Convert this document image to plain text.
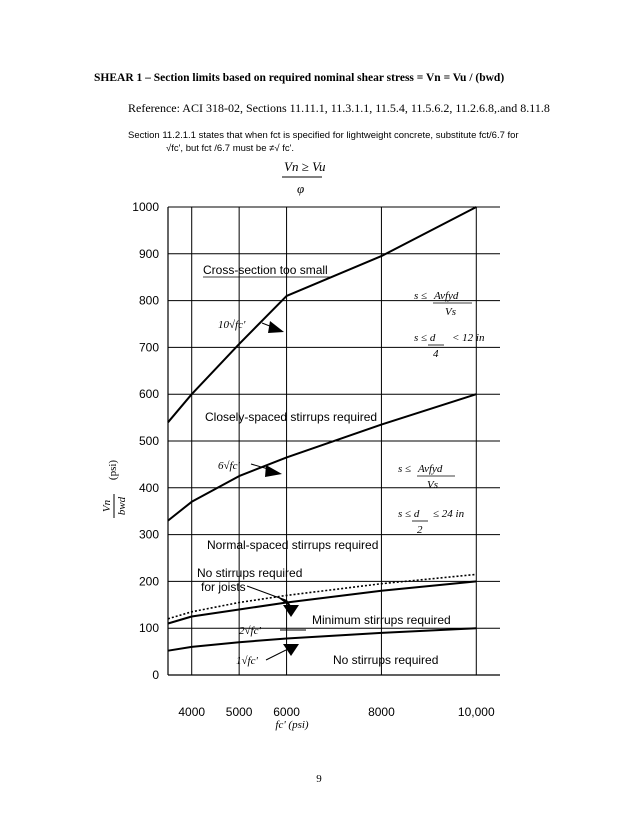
SHEAR 1 – Section limits based on required nominal shear stress = Vn = Vu / (bwd)
Reference: ACI 318-02, Sections 11.11.1, 11.3.1.1, 11.5.4, 11.5.6.2, 11.2.6.8,.and 8.11.8
Section 11.2.1.1 states that when fct is specified for lightweight concrete, substitute fct/6.7 for
√fc', but fct /6.7 must be ≠√ fc'.
Vn ≥ Vu
φ
0
100
200
300
400
500
600
700
800
900
1000
4000 5000 6000	8000	10,000
Vn bwd
(psi)
fc' (psi)
Cross-section too small
Closely-spaced stirrups required
Normal-spaced stirrups required
No stirrups required
for joists
Minimum stirrups required
No stirrups required
10√fc'
6√fc'
2√fc'
1√fc'
s ≤ Avfyd
Vs
s ≤ d
4
< 12 in
s ≤ Avfyd
Vs
s ≤ d
2
≤ 24 in
9
